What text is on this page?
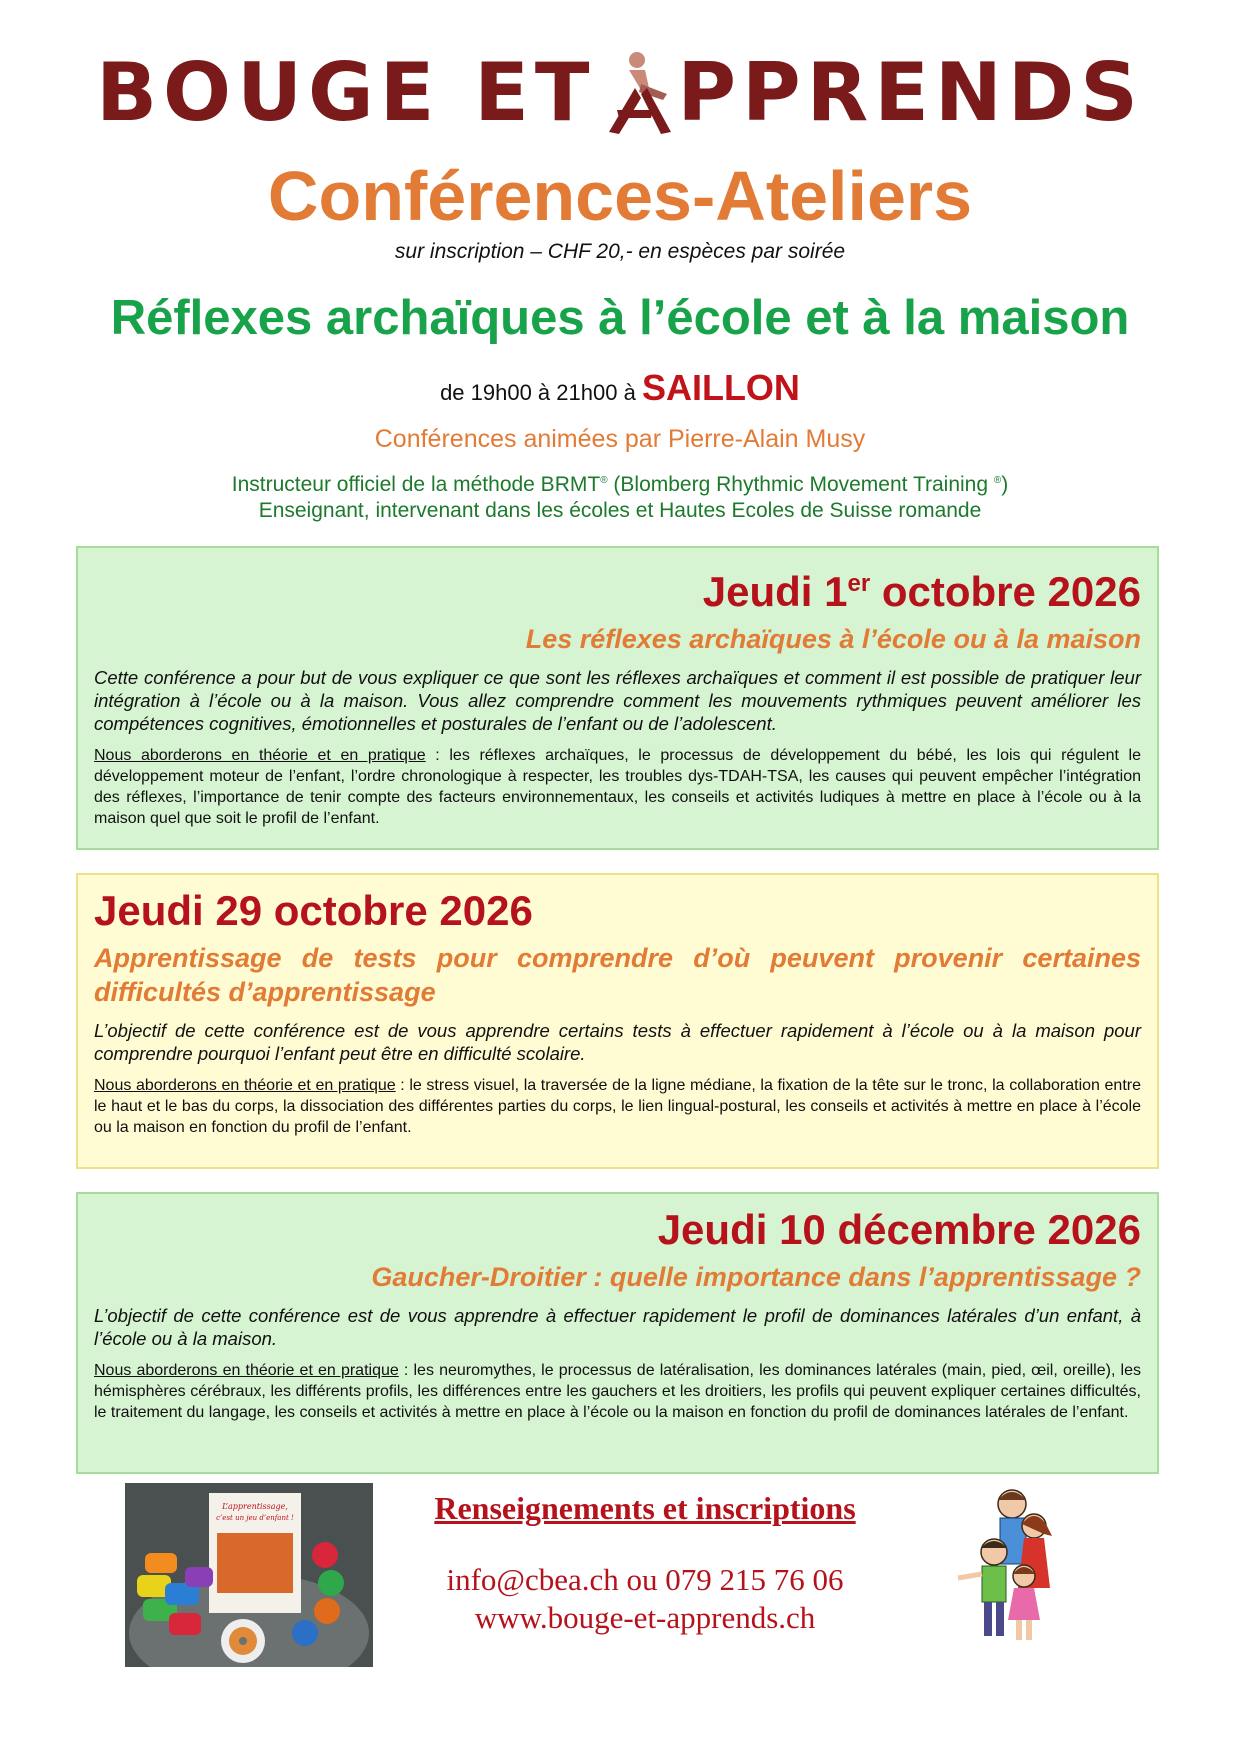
BOUGE ET PPRENDS
Conférences-Ateliers
sur inscription – CHF 20,- en espèces par soirée
Réflexes archaïques à l’école et à la maison
de 19h00 à 21h00 à SAILLON
Conférences animées par Pierre-Alain Musy
Instructeur officiel de la méthode BRMT® (Blomberg Rhythmic Movement Training ®)
Enseignant, intervenant dans les écoles et Hautes Ecoles de Suisse romande
Jeudi 1er octobre 2026
Les réflexes archaïques à l’école ou à la maison
Cette conférence a pour but de vous expliquer ce que sont les réflexes archaïques et comment il est possible de pratiquer leur intégration à l’école ou à la maison. Vous allez comprendre comment les mouvements rythmiques peuvent améliorer les compétences cognitives, émotionnelles et posturales de l’enfant ou de l’adolescent.
Nous aborderons en théorie et en pratique : les réflexes archaïques, le processus de développement du bébé, les lois qui régulent le développement moteur de l’enfant, l’ordre chronologique à respecter, les troubles dys-TDAH-TSA, les causes qui peuvent empêcher l’intégration des réflexes, l’importance de tenir compte des facteurs environnementaux, les conseils et activités ludiques à mettre en place à l’école ou à la maison quel que soit le profil de l’enfant.
Jeudi 29 octobre 2026
Apprentissage de tests pour comprendre d’où peuvent provenir certaines difficultés d’apprentissage
L’objectif de cette conférence est de vous apprendre certains tests à effectuer rapidement à l’école ou à la maison pour comprendre pourquoi l’enfant peut être en difficulté scolaire.
Nous aborderons en théorie et en pratique : le stress visuel, la traversée de la ligne médiane, la fixation de la tête sur le tronc, la collaboration entre le haut et le bas du corps, la dissociation des différentes parties du corps, le lien lingual-postural, les conseils et activités à mettre en place à l’école ou la maison en fonction du profil de l’enfant.
Jeudi 10 décembre 2026
Gaucher-Droitier : quelle importance dans l’apprentissage ?
L’objectif de cette conférence est de vous apprendre à effectuer rapidement le profil de dominances latérales d’un enfant, à l’école ou à la maison.
Nous aborderons en théorie et en pratique : les neuromythes, le processus de latéralisation, les dominances latérales (main, pied, œil, oreille), les hémisphères cérébraux, les différents profils, les différences entre les gauchers et les droitiers, les profils qui peuvent expliquer certaines difficultés, le traitement du langage, les conseils et activités à mettre en place à l’école ou la maison en fonction du profil de dominances latérales de l’enfant.
L’apprentissage,
c’est un jeu d’enfant !	Renseignements et inscriptions
info@cbea.ch ou 079 215 76 06
www.bouge-et-apprends.ch
